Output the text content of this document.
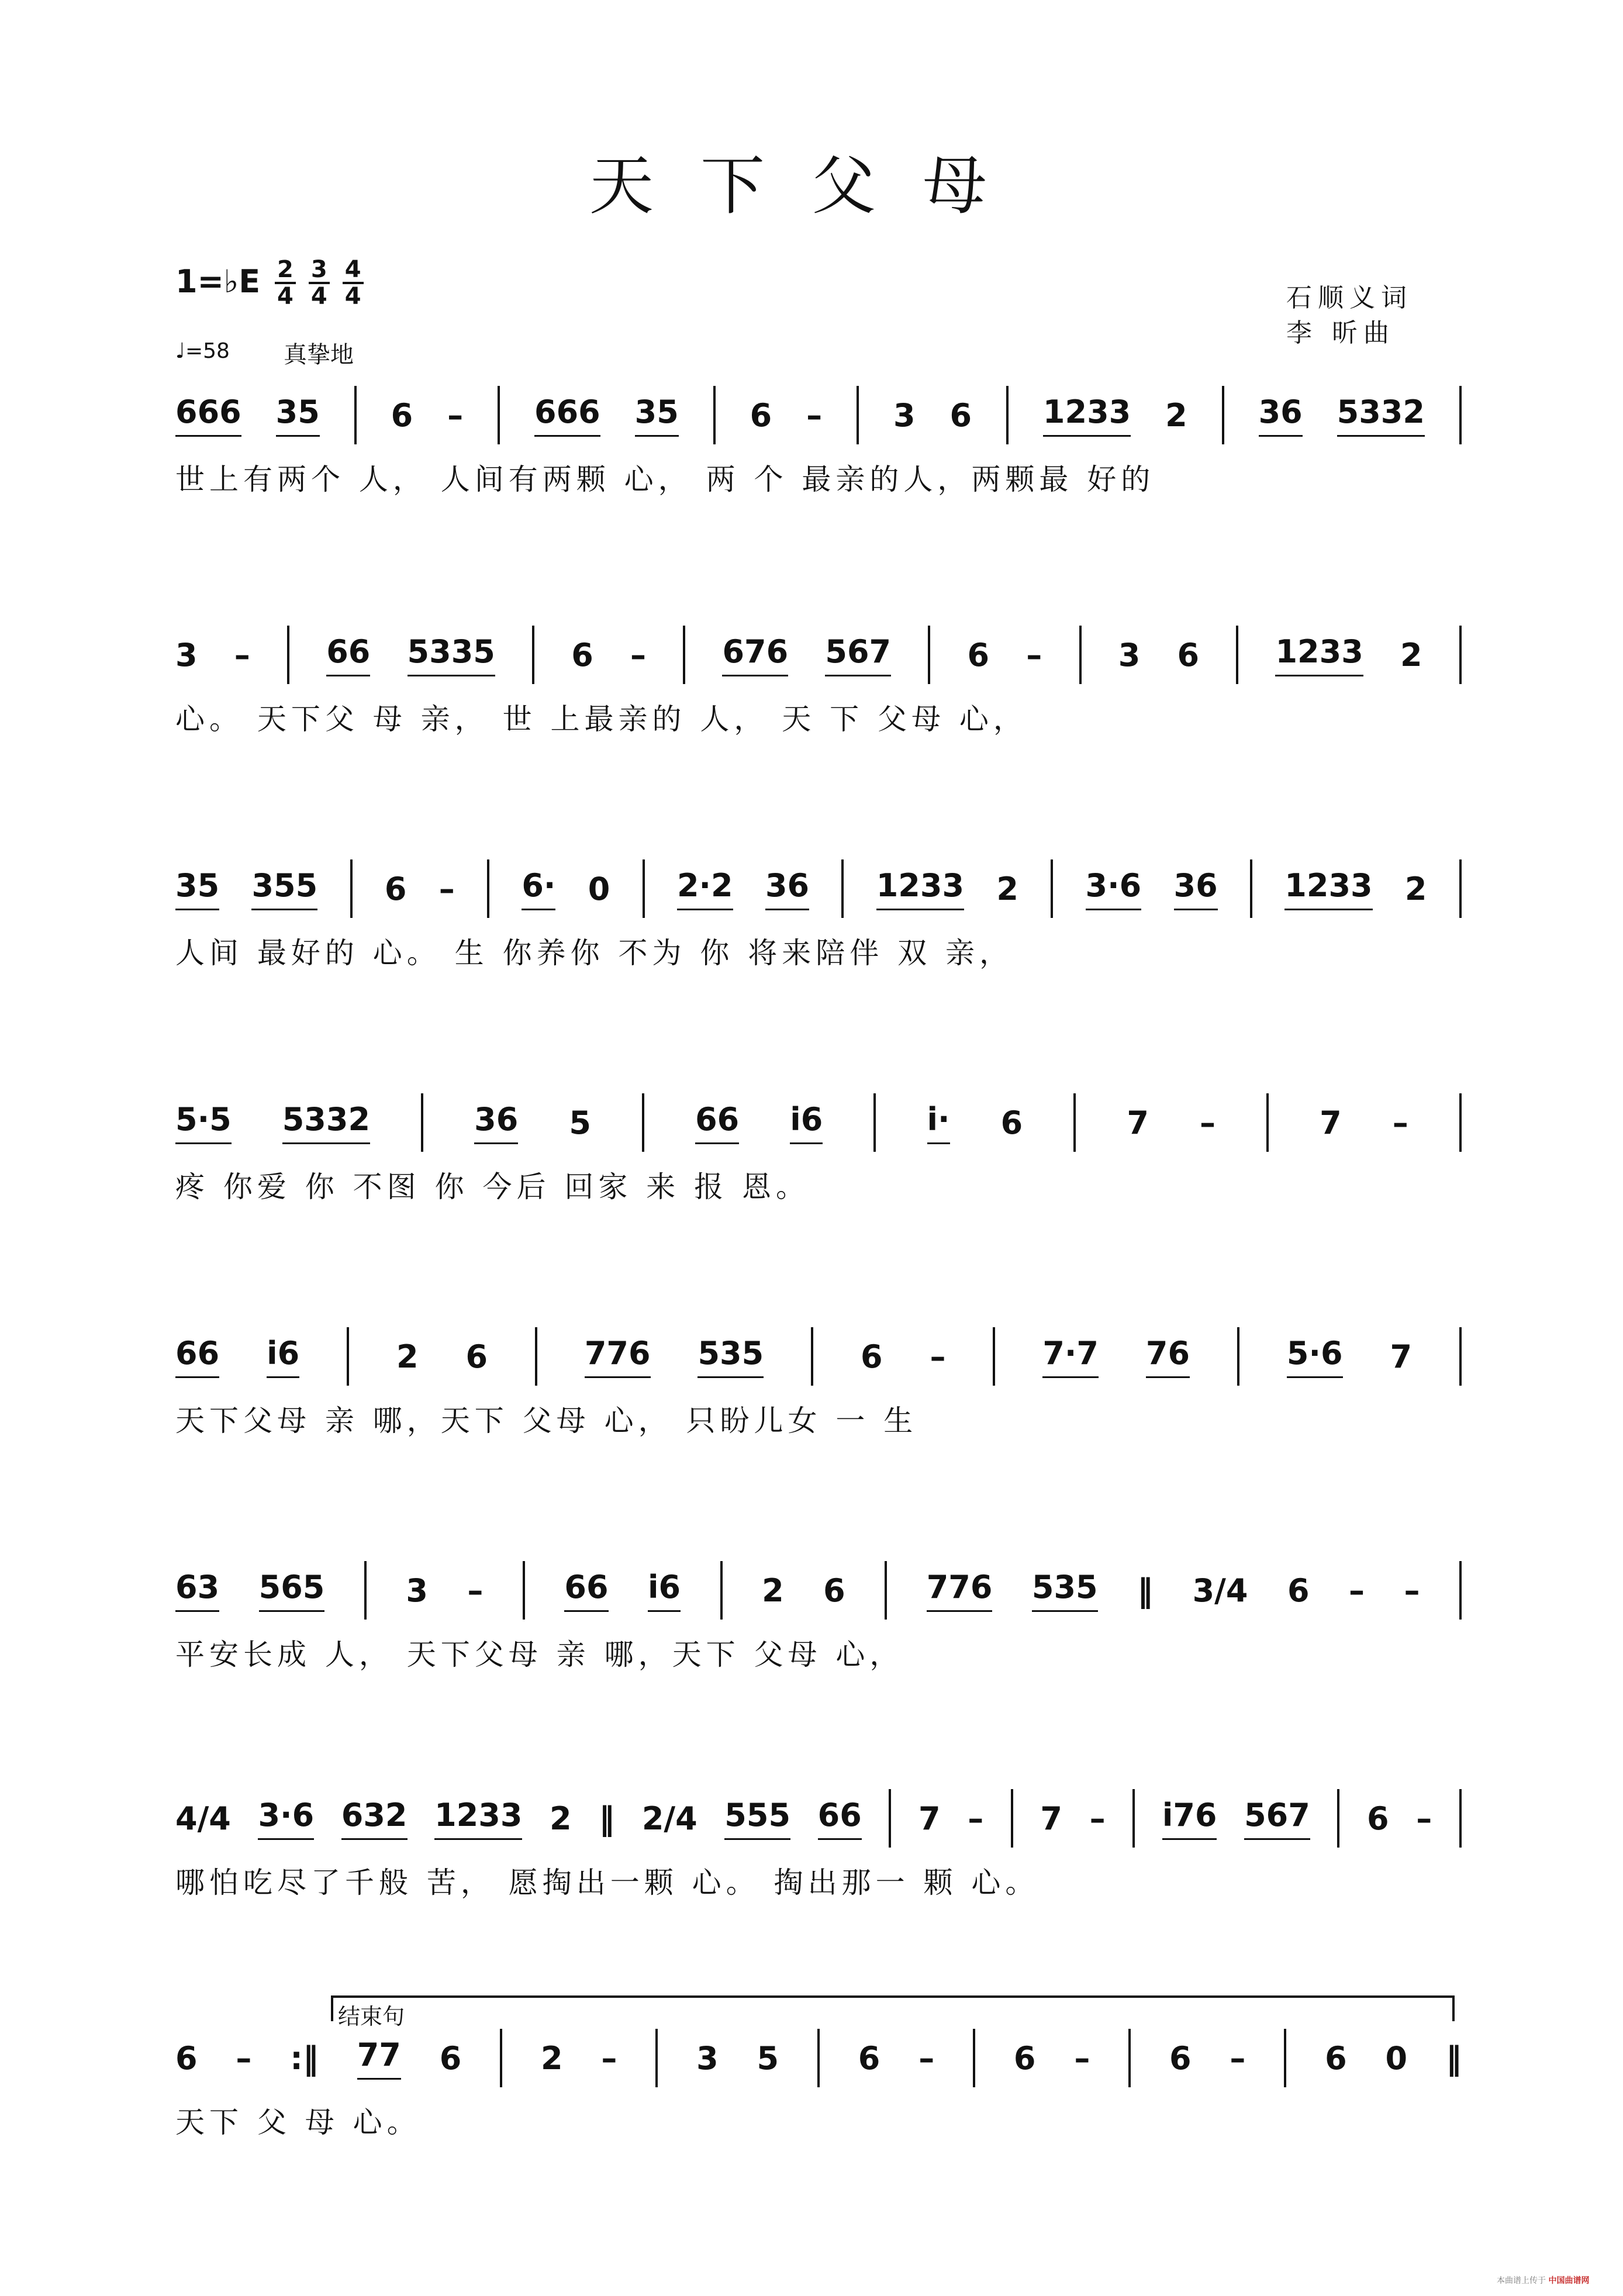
天下父母
1=♭E $\frac{2}{4} \frac{3}{4} \frac{4}{4}$
♩=58 真挚地
石顺义词
李 昕曲
666 35 6 – 666 35 6 – 3 6 1233 2 36 5332
世上有两个 人， 人间有两颗 心， 两 个 最亲的人，两颗最 好的
3 – 66 5335 6 – 676 567 6 – 3 6 1233 2
心。 天下父 母 亲， 世 上最亲的 人， 天 下 父母 心，
35 355 6 – 6· 0 2·2 36 1233 2 3·6 36 1233 2
人间 最好的 心。 生 你养你 不为 你 将来陪伴 双 亲，
5·5 5332	36 5	66 i6	i· 6	7 –	7 –
疼 你爱 你 不图 你 今后 回家 来 报 恩。
66 i6	2 6	776 535	6 –	7·7 76	5·6 7
天下父母 亲 哪，天下 父母 心， 只盼儿女 一 生
63 565	3 –	66 i6	2 6	776 535 ‖ 3/4 6 – –
平安长成 人， 天下父母 亲 哪，天下 父母 心，
4/4 3·6 632 1233 2 ‖ 2/4 555 66 7 – 7 – i76 567 6 –
哪怕吃尽了千般 苦， 愿掏出一颗 心。 掏出那一 颗 心。
6 – :‖ 77 6	2 –	3 5	6 –	6 –	6 –	6 0 ‖
天下 父 母 心。
结束句
本曲谱上传于 中国曲谱网
